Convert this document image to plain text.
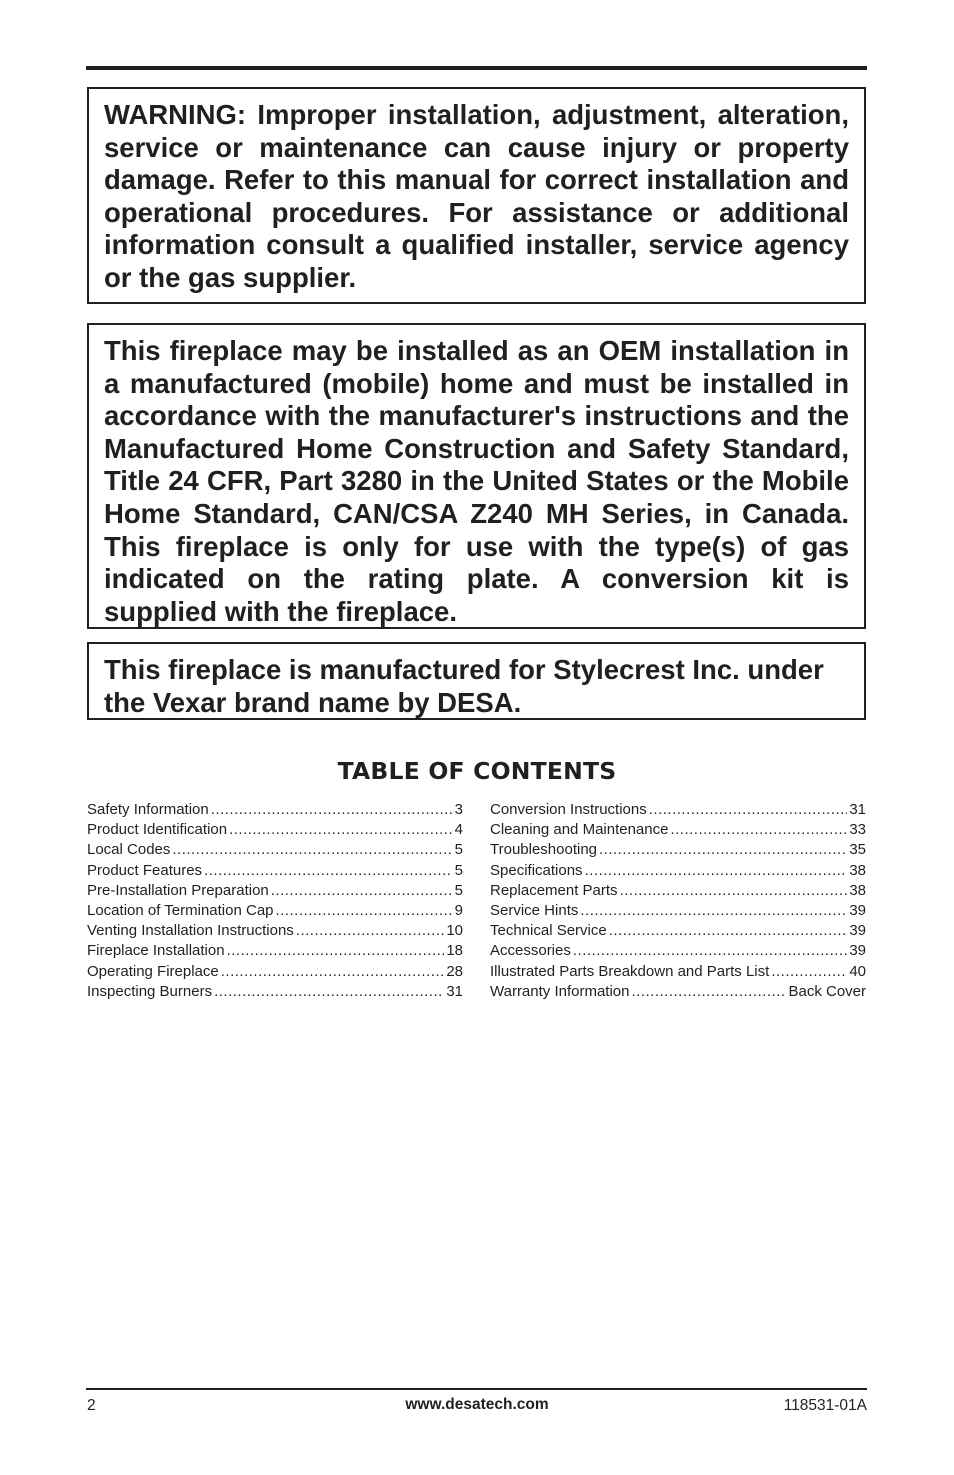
WARNING: Improper installation, adjustment, alteration, service or maintenance can cause injury or property damage. Refer to this manual for correct installation and operational procedures. For assistance or additional information consult a qualified installer, service agency or the gas supplier.

This fireplace may be installed as an OEM installation in a manufactured (mobile) home and must be installed in accordance with the manufacturer's instructions and the Manufactured Home Construction and Safety Standard, Title 24 CFR, Part 3280 in the United States or the Mobile Home Standard, CAN/CSA Z240 MH Series, in Canada. This fireplace is only for use with the type(s) of gas indicated on the rating plate. A conversion kit is supplied with the fireplace.

This fireplace is manufactured for Stylecrest Inc. under the Vexar brand name by DESA.

TABLE OF CONTENTS
Safety Information .....	3
Product Identification .....	4
Local Codes .....	5
Product Features .....	5
Pre-Installation Preparation .....	5
Location of Termination Cap .....	9
Venting Installation Instructions .....	10
Fireplace Installation .....	18
Operating Fireplace .....	28
Inspecting Burners .....	31
Conversion Instructions .....	31
Cleaning and Maintenance .....	33
Troubleshooting .....	35
Specifications .....	38
Replacement Parts .....	38
Service Hints .....	39
Technical Service .....	39
Accessories .....	39
Illustrated Parts Breakdown and Parts List .....	40
Warranty Information .....	Back Cover
2	www.desatech.com	118531-01A
